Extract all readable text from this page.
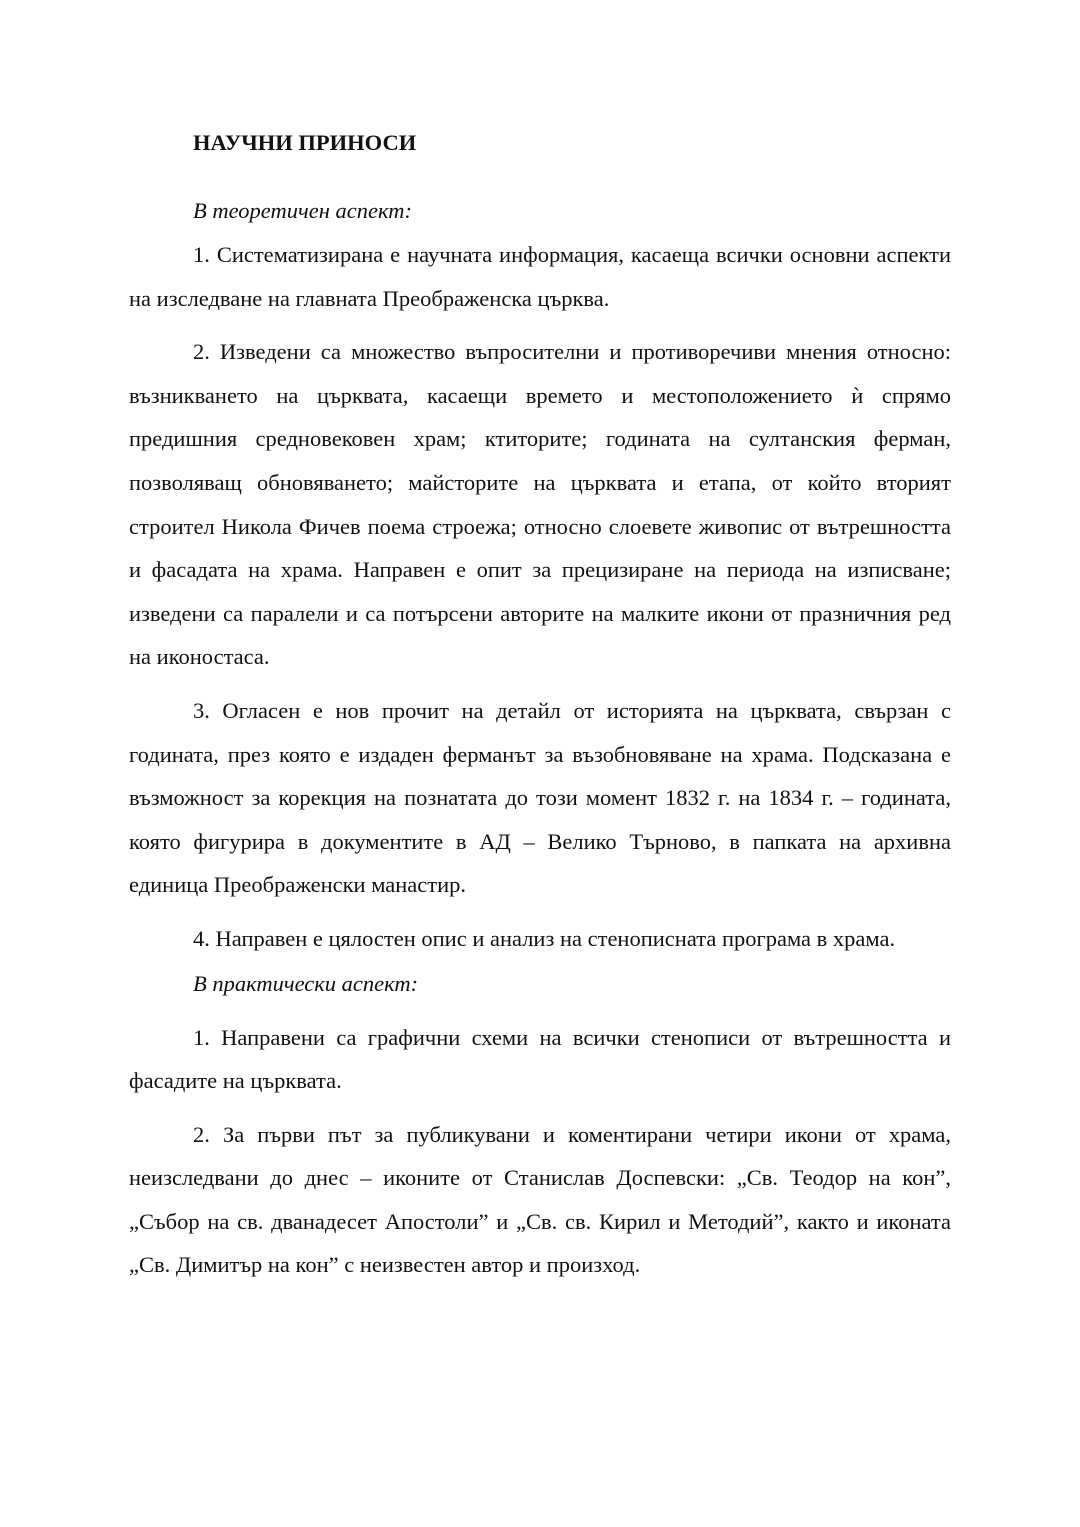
НАУЧНИ ПРИНОСИ
В теоретичен аспект:

1. Систематизирана е научната информация, касаеща всички основни аспекти на изследване на главната Преображенска църква.

2. Изведени са множество въпросителни и противоречиви мнения относно: възникването на църквата, касаещи времето и местоположението ѝ спрямо предишния средновековен храм; ктиторите; годината на султанския ферман, позволяващ обновяването; майсторите на църквата и етапа, от който вторият строител Никола Фичев поема строежа; относно слоевете живопис от вътрешността и фасадата на храма. Направен е опит за прецизиране на периода на изписване; изведени са паралели и са потърсени авторите на малките икони от празничния ред на иконостаса.

3. Огласен е нов прочит на детайл от историята на църквата, свързан с годината, през която е издаден ферманът за възобновяване на храма. Подсказана е възможност за корекция на познатата до този момент 1832 г. на 1834 г. – годината, която фигурира в документите в АД – Велико Търново, в папката на архивна единица Преображенски манастир.

4. Направен е цялостен опис и анализ на стенописната програма в храма.

В практически аспект:

1. Направени са графични схеми на всички стенописи от вътрешността и фасадите на църквата.

2. За първи път за публикувани и коментирани четири икони от храма, неизследвани до днес – иконите от Станислав Доспевски: „Св. Теодор на кон”, „Събор на св. дванадесет Апостоли” и „Св. св. Кирил и Методий”, както и иконата „Св. Димитър на кон” с неизвестен автор и произход.
